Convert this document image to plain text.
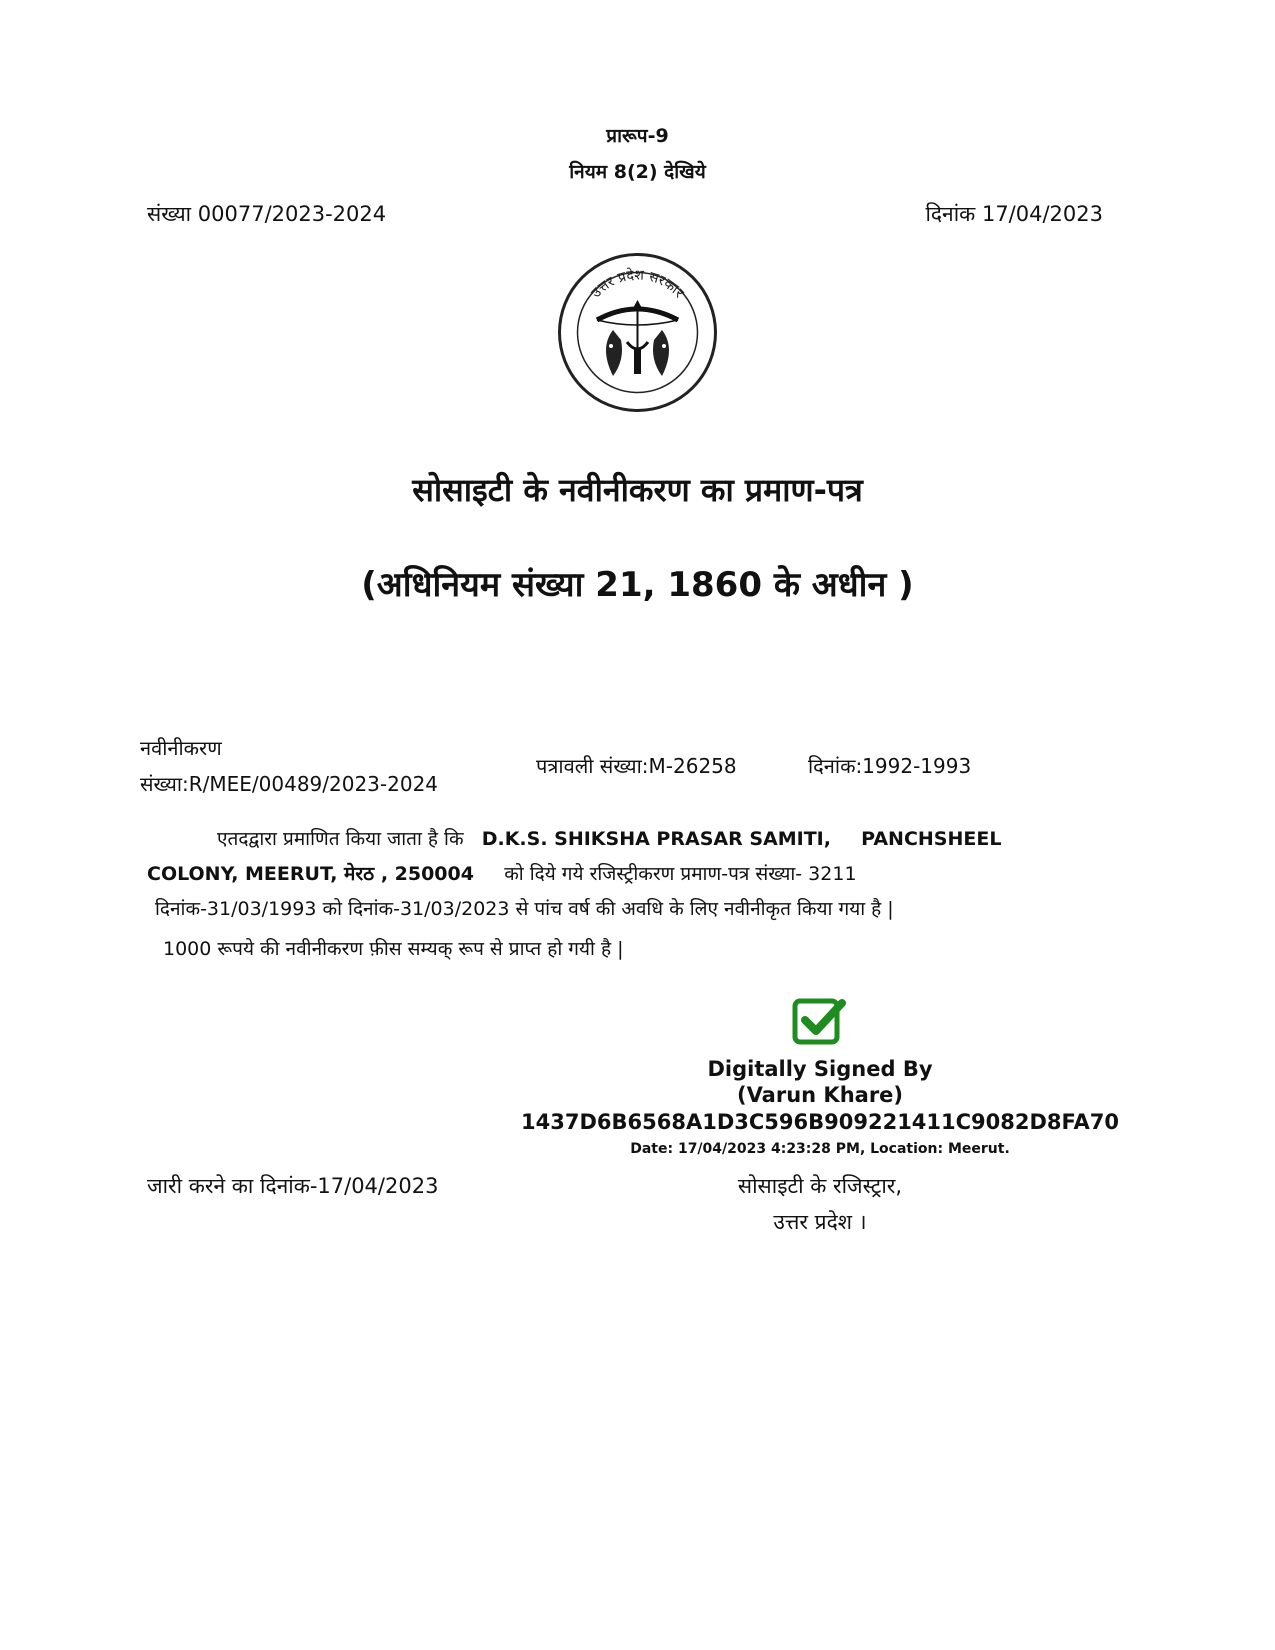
प्रारूप-9
नियम 8(2) देखिये
संख्या 00077/2023-2024	दिनांक 17/04/2023
उत्तर प्रदेश सरकार
सोसाइटी के नवीनीकरण का प्रमाण-पत्र
(अधिनियम संख्या 21, 1860 के अधीन )
नवीनीकरण
संख्या:R/MEE/00489/2023-2024
पत्रावली संख्या:M-26258	दिनांक:1992-1993
एतदद्वारा प्रमाणित किया जाता है कि D.K.S. SHIKSHA PRASAR SAMITI, PANCHSHEEL
COLONY, MEERUT, मेरठ , 250004 को दिये गये रजिस्ट्रीकरण प्रमाण-पत्र संख्या- 3211
दिनांक-31/03/1993 को दिनांक-31/03/2023 से पांच वर्ष की अवधि के लिए नवीनीकृत किया गया है |
1000 रूपये की नवीनीकरण फ़ीस सम्यक् रूप से प्राप्त हो गयी है |
Digitally Signed By
(Varun Khare)
1437D6B6568A1D3C596B909221411C9082D8FA70
Date: 17/04/2023 4:23:28 PM, Location: Meerut.
जारी करने का दिनांक-17/04/2023	सोसाइटी के रजिस्ट्रार,
उत्तर प्रदेश ।
